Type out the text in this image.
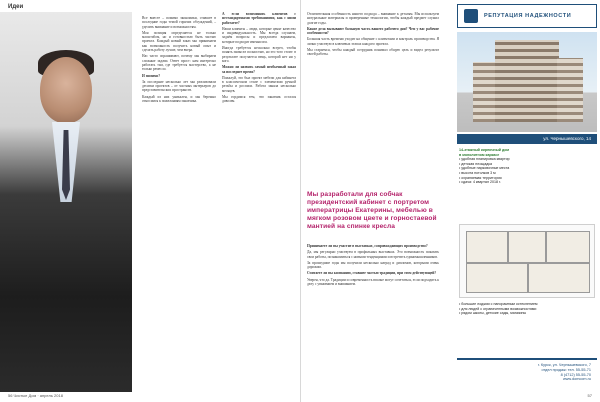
Идеи

Все вместе – помимо экономики, ставшее в последние годы темой горячих обсуждений, – уделить внимание и возможностям.

Моя позиция определяется не только масштабом, но и готовностью быть частью проекта. Каждый новый заказ мы принимаем как возможность получить новый опыт и сделать работу лучше, чем вчера.

Нас часто спрашивают, почему мы выбираем сложные задачи. Ответ прост: нам интересно работать там, где требуется мастерство, а не только ремесло.

И помимо?

За последние несколько лет мы реализовали десятки проектов – от частных интерьеров до представительских пространств.

Каждый из них уникален, и мы бережно относимся к пожеланиям заказчика.

А если вспоминать клиентов с нестандартными требованиями, как с ними работаете?

Наши клиенты – люди, которые ценят качество и индивидуальность. Мы всегда слушаем, задаём вопросы и предлагаем варианты, которые подходят именно им.

Иногда требуется несколько встреч, чтобы понять замысел полностью, но это того стоит: в результате получается вещь, которой нет ни у кого.

Можно ли назвать самый необычный заказ за последнее время?

Пожалуй, это был проект мебели для кабинета в классическом стиле с элементами ручной резьбы и росписи. Работа заняла несколько месяцев.

Мы гордимся тем, что заказчик остался доволен.

56 Чистые Дом · апрель 2018

Отличительная особенность нашего подхода – внимание к деталям. Мы используем натуральные материалы и проверенные технологии, чтобы каждый предмет служил долгие годы.

Какие дела вызывают большую часть вашего рабочего дня? Чем у вас рабочие особенности?

Большая часть времени уходит на общение с клиентами и контроль производства. Я лично участвую в ключевых этапах каждого проекта.

Мы стараемся, чтобы каждый сотрудник понимал общую цель и видел результат своей работы.

Мы разработали для собчак президентский кабинет с портретом императрицы Екатерины, мебелью в мягком розовом цвете и горностаевой мантией на спинке кресла

Принимаете ли вы участие в выставках, сопровождающих производство?

Да, мы регулярно участвуем в профильных выставках. Это возможность показать свои работы, познакомиться с новыми тенденциями и встретить единомышленников.

За прошедшие годы мы получили несколько наград и дипломов, которыми очень дорожим.

Считаете ли вы компанию, ставшее частью традиции, при этом действующей?

Уверен, что да. Традиции и современность вполне могут сочетаться, если подходить к делу с уважением и вниманием.

РЕПУТАЦИЯ НАДЕЖНОСТИ
ул. Чернышевского, 14
14-этажный кирпичный дом
в монолитном каркасе
• удобная планировка квартир
• детская площадка
• удобные парковочные места
• высота потолков 3 м
• охраняемая территория
• сдача: 4 квартал 2018 г.
• большие лоджии с панорамным остеклением
• для людей с ограниченными возможностями
• рядом школы, детские сады, магазины
г. Курск, ул. Чернышевского, 7
отдел продаж: тел. 55-55-71
8 (4712) 55-55-70
www.domcom.ru
57
